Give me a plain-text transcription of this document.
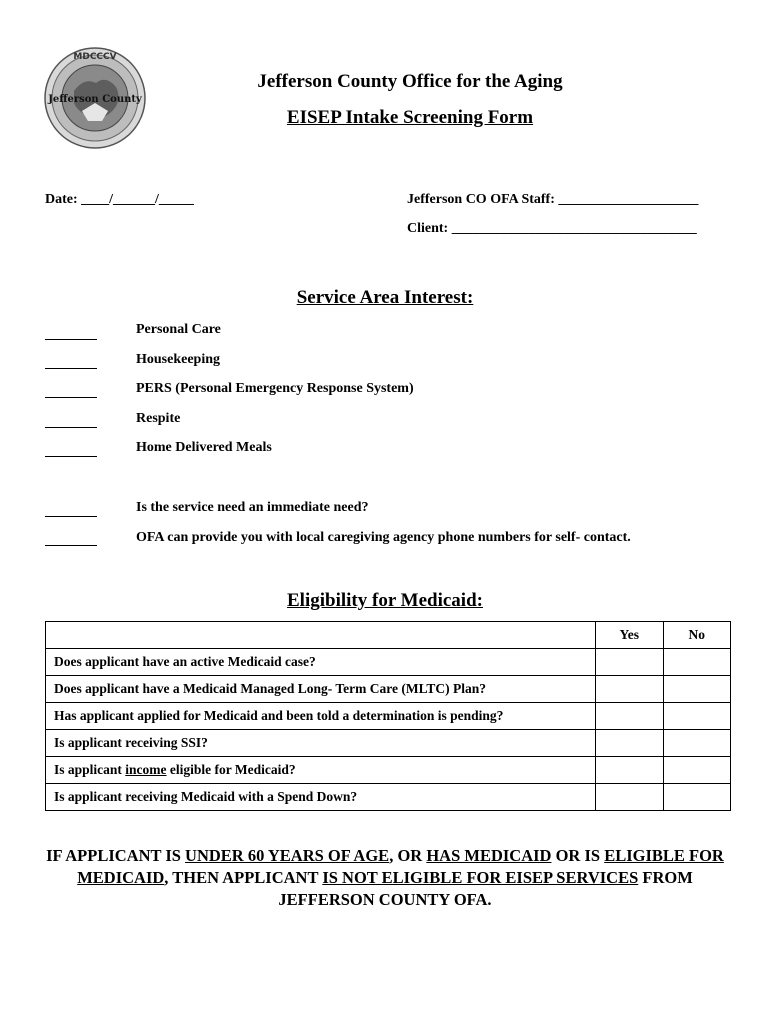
MDCCCV
Jefferson County
Jefferson County Office for the Aging
EISEP Intake Screening Form
Date: ____/______/_____	Jefferson CO OFA Staff: ____________________
Client: ___________________________________
Service Area Interest:
Personal Care
Housekeeping
PERS (Personal Emergency Response System)
Respite
Home Delivered Meals
Is the service need an immediate need?
OFA can provide you with local caregiving agency phone numbers for self- contact.
Eligibility for Medicaid:
	Yes	No
Does applicant have an active Medicaid case?		
Does applicant have a Medicaid Managed Long- Term Care (MLTC) Plan?		
Has applicant applied for Medicaid and been told a determination is pending?		
Is applicant receiving SSI?		
Is applicant income eligible for Medicaid?		
Is applicant receiving Medicaid with a Spend Down?		
IF APPLICANT IS UNDER 60 YEARS OF AGE, OR HAS MEDICAID OR IS ELIGIBLE FOR MEDICAID, THEN APPLICANT IS NOT ELIGIBLE FOR EISEP SERVICES FROM JEFFERSON COUNTY OFA.
